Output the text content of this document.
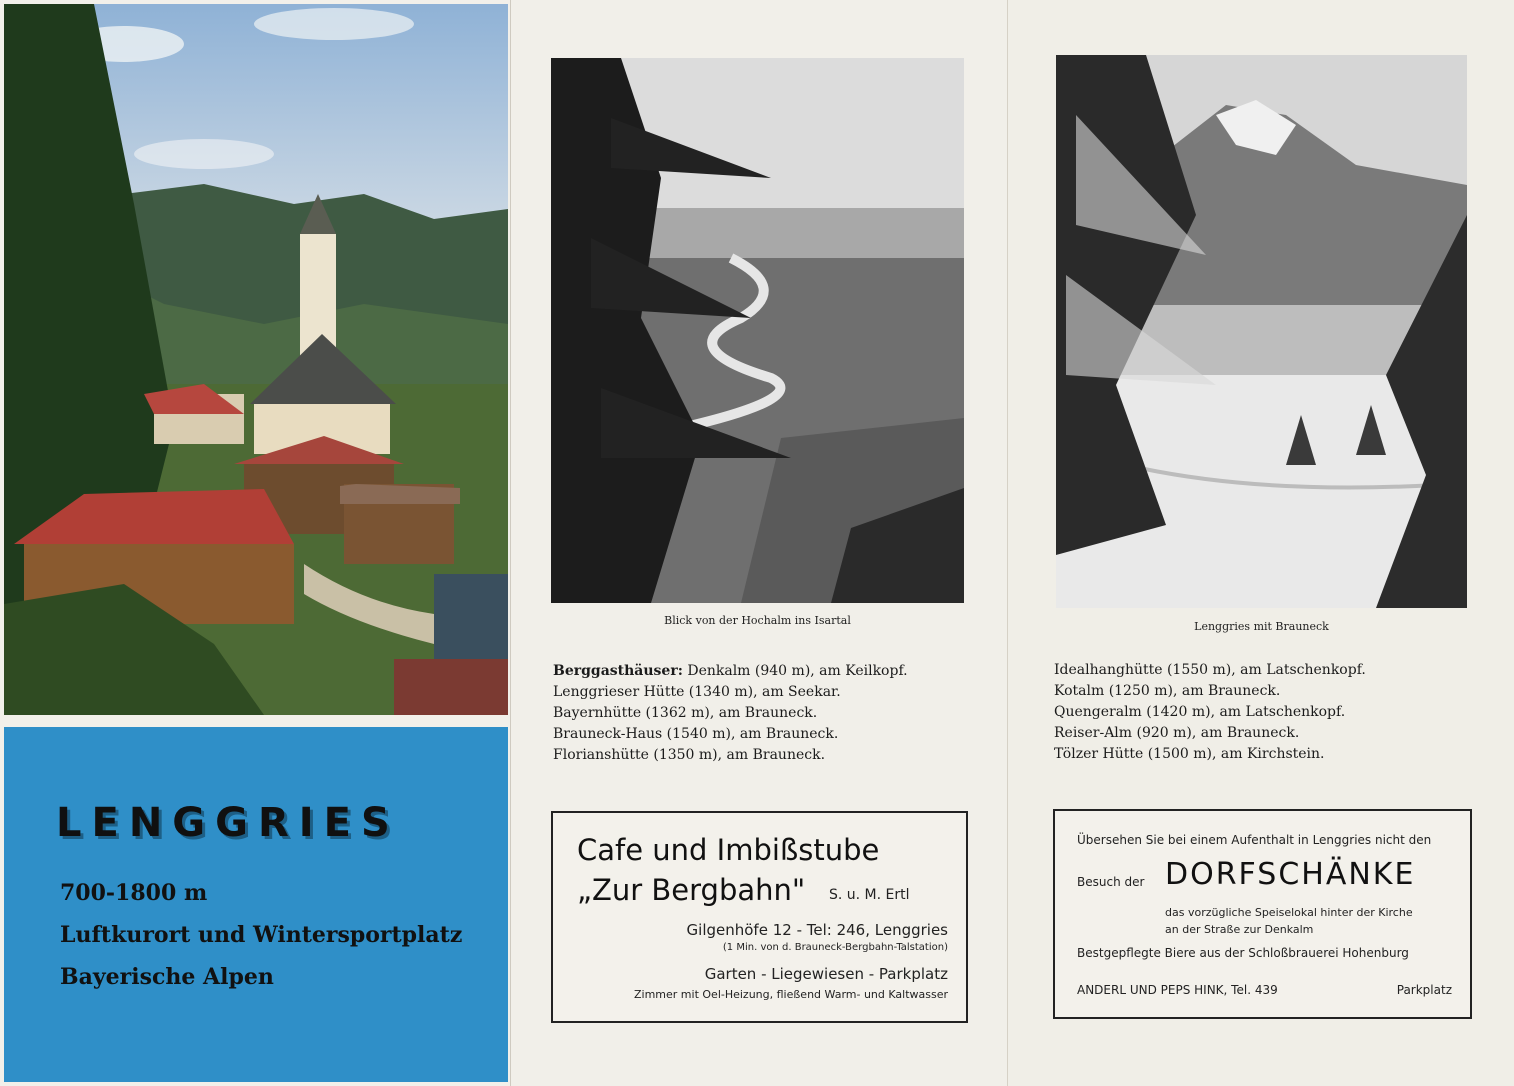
LENGGRIES

700-1800 m

Luftkurort und Wintersportplatz

Bayerische Alpen

Blick von der Hochalm ins Isartal

Berggasthäuser: Denkalm (940 m), am Keilkopf.
Lenggrieser Hütte (1340 m), am Seekar.
Bayernhütte (1362 m), am Brauneck.
Brauneck-Haus (1540 m), am Brauneck.
Florianshütte (1350 m), am Brauneck.
Cafe und Imbißstube
„Zur Bergbahn" S. u. M. Ertl
Gilgenhöfe 12 - Tel: 246, Lenggries
(1 Min. von d. Brauneck-Bergbahn-Talstation)
Garten - Liegewiesen - Parkplatz
Zimmer mit Oel-Heizung, fließend Warm- und Kaltwasser

Lenggries mit Brauneck

Idealhanghütte (1550 m), am Latschenkopf.
Kotalm (1250 m), am Brauneck.
Quengeralm (1420 m), am Latschenkopf.
Reiser-Alm (920 m), am Brauneck.
Tölzer Hütte (1500 m), am Kirchstein.
Übersehen Sie bei einem Aufenthalt in Lenggries nicht den
Besuch der DORFSCHÄNKE
das vorzügliche Speiselokal hinter der Kirche
an der Straße zur Denkalm
Bestgepflegte Biere aus der Schloßbrauerei Hohenburg
ANDERL UND PEPS HINK, Tel. 439	Parkplatz
